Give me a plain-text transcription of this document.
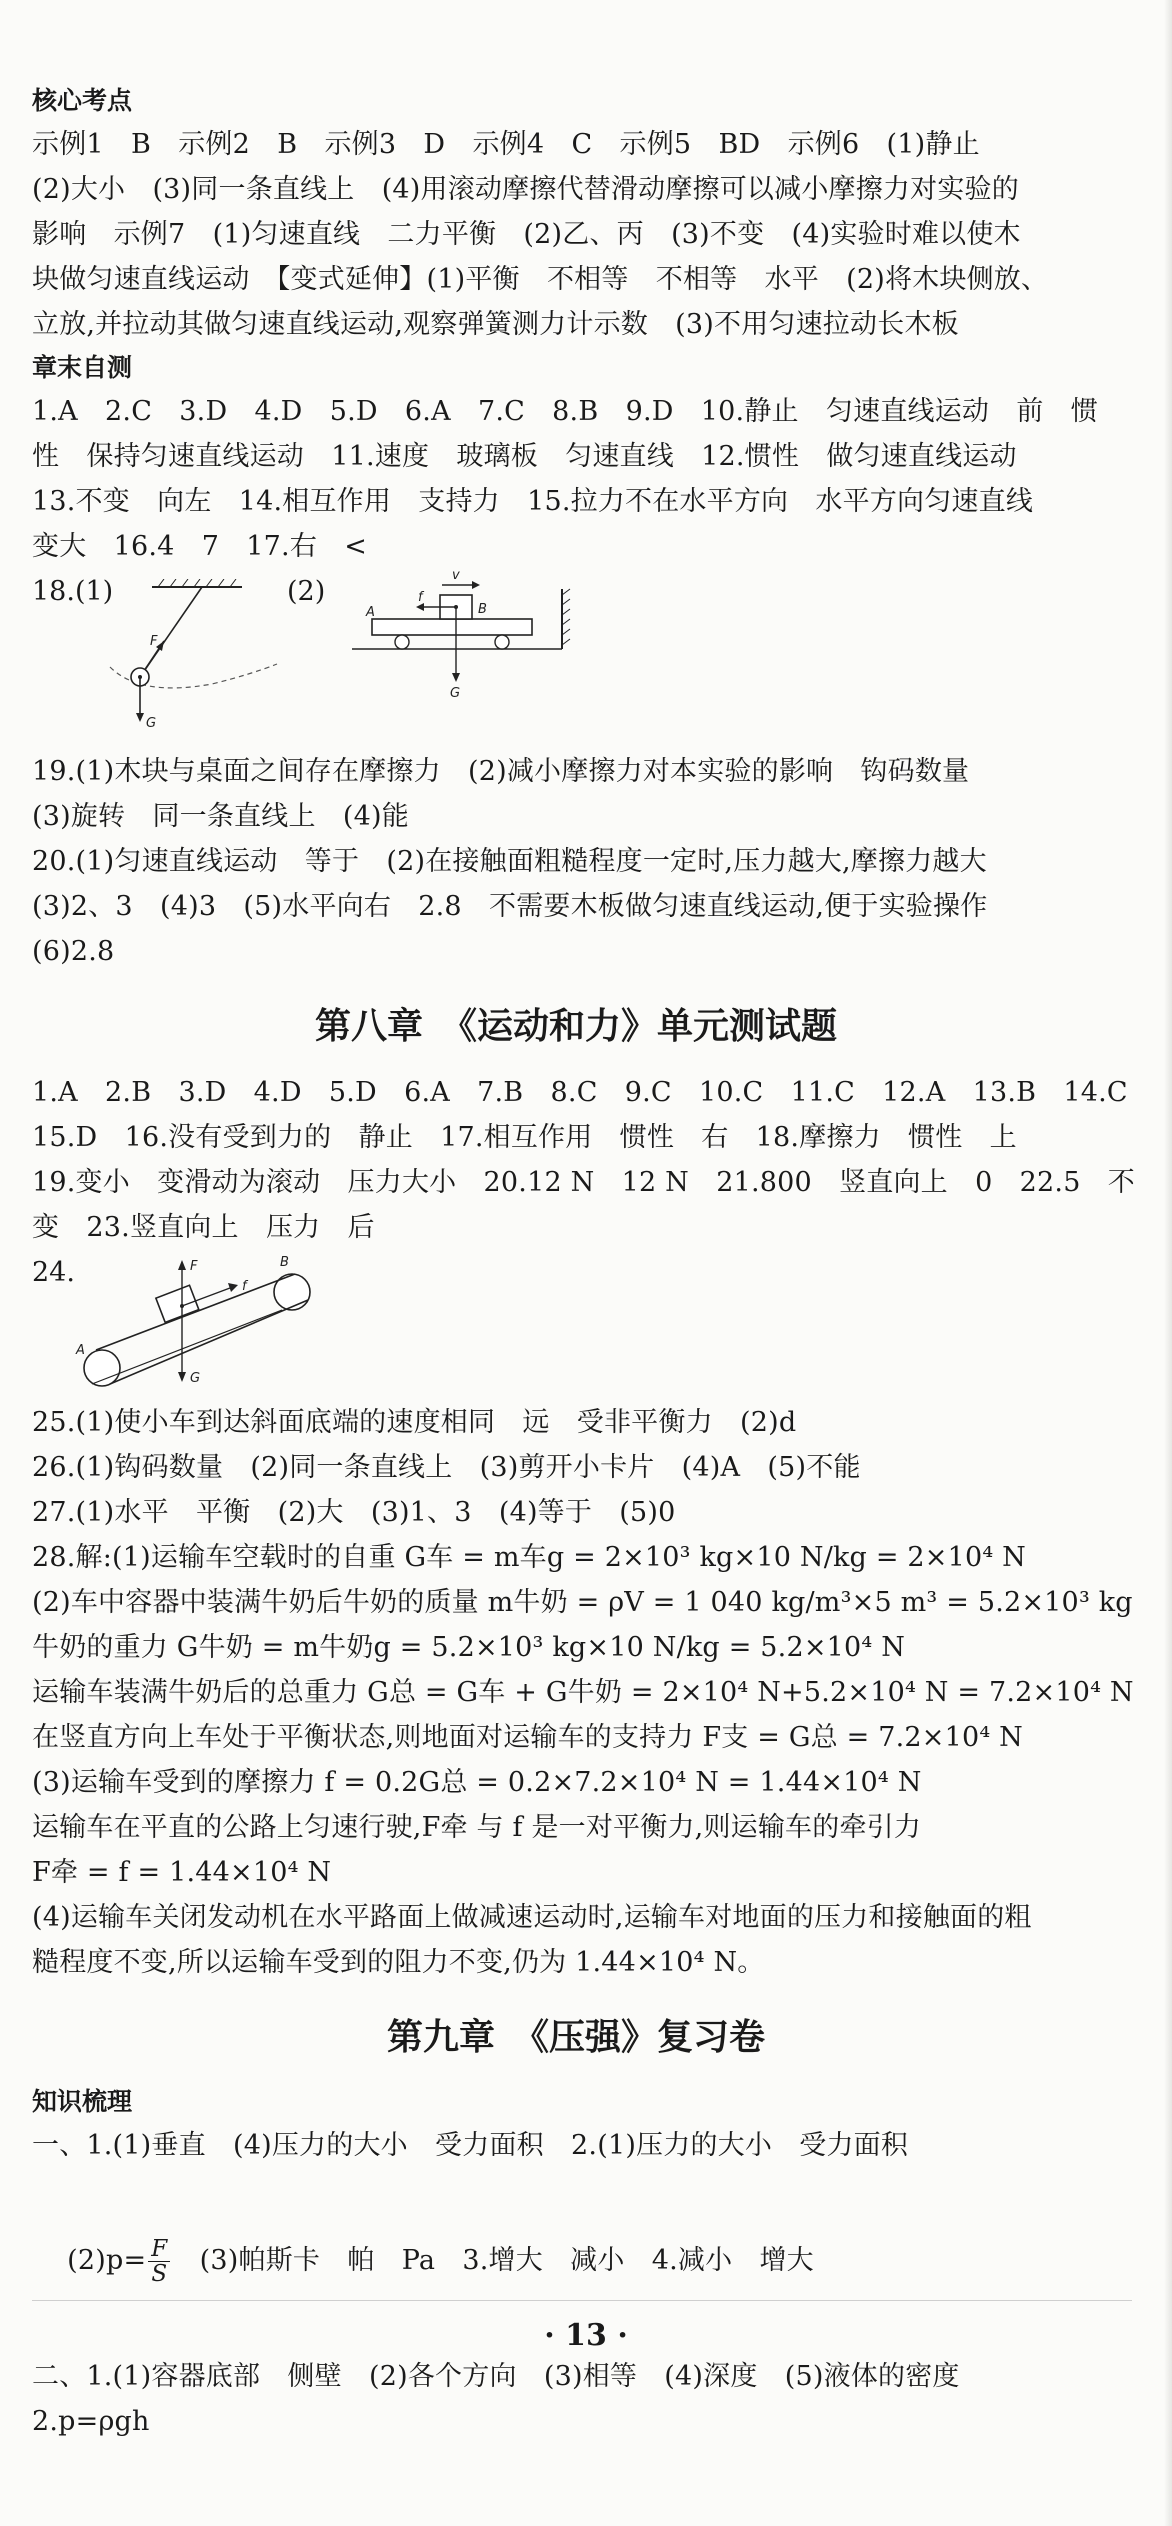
核心考点
示例1　B　示例2　B　示例3　D　示例4　C　示例5　BD　示例6　(1)静止
(2)大小　(3)同一条直线上　(4)用滚动摩擦代替滑动摩擦可以减小摩擦力对实验的
影响　示例7　(1)匀速直线　二力平衡　(2)乙、丙　(3)不变　(4)实验时难以使木
块做匀速直线运动　【变式延伸】(1)平衡　不相等　不相等　水平　(2)将木块侧放、
立放,并拉动其做匀速直线运动,观察弹簧测力计示数　(3)不用匀速拉动长木板
章末自测
1.A　2.C　3.D　4.D　5.D　6.A　7.C　8.B　9.D　10.静止　匀速直线运动　前　惯
性　保持匀速直线运动　11.速度　玻璃板　匀速直线　12.惯性　做匀速直线运动
13.不变　向左　14.相互作用　支持力　15.拉力不在水平方向　水平方向匀速直线
变大　16.4　7　17.右　<
18.(1)
F
G
(2)
A	B
v
f
G
19.(1)木块与桌面之间存在摩擦力　(2)减小摩擦力对本实验的影响　钩码数量
(3)旋转　同一条直线上　(4)能
20.(1)匀速直线运动　等于　(2)在接触面粗糙程度一定时,压力越大,摩擦力越大
(3)2、3　(4)3　(5)水平向右　2.8　不需要木板做匀速直线运动,便于实验操作
(6)2.8
第八章　《运动和力》单元测试题
1.A　2.B　3.D　4.D　5.D　6.A　7.B　8.C　9.C　10.C　11.C　12.A　13.B　14.C
15.D　16.没有受到力的　静止　17.相互作用　惯性　右　18.摩擦力　惯性　上
19.变小　变滑动为滚动　压力大小　20.12 N　12 N　21.800　竖直向上　0　22.5　不
变　23.竖直向上　压力　后
24.	B
A
F
f
G
25.(1)使小车到达斜面底端的速度相同　远　受非平衡力　(2)d
26.(1)钩码数量　(2)同一条直线上　(3)剪开小卡片　(4)A　(5)不能
27.(1)水平　平衡　(2)大　(3)1、3　(4)等于　(5)0
28.解:(1)运输车空载时的自重 G车 = m车g = 2×10³ kg×10 N/kg = 2×10⁴ N
(2)车中容器中装满牛奶后牛奶的质量 m牛奶 = ρV = 1 040 kg/m³×5 m³ = 5.2×10³ kg
牛奶的重力 G牛奶 = m牛奶g = 5.2×10³ kg×10 N/kg = 5.2×10⁴ N
运输车装满牛奶后的总重力 G总 = G车 + G牛奶 = 2×10⁴ N+5.2×10⁴ N = 7.2×10⁴ N
在竖直方向上车处于平衡状态,则地面对运输车的支持力 F支 = G总 = 7.2×10⁴ N
(3)运输车受到的摩擦力 f = 0.2G总 = 0.2×7.2×10⁴ N = 1.44×10⁴ N
运输车在平直的公路上匀速行驶,F牵 与 f 是一对平衡力,则运输车的牵引力
F牵 = f = 1.44×10⁴ N
(4)运输车关闭发动机在水平路面上做减速运动时,运输车对地面的压力和接触面的粗
糙程度不变,所以运输车受到的阻力不变,仍为 1.44×10⁴ N。
第九章　《压强》复习卷
知识梳理
一、1.(1)垂直　(4)压力的大小　受力面积　2.(1)压力的大小　受力面积

$(2)p= \frac{F}{S}$ 　(3)帕斯卡　帕　Pa　3.增大　减小　4.减小　增大

二、1.(1)容器底部　侧壁　(2)各个方向　(3)相等　(4)深度　(5)液体的密度
2.p=ρgh
· 13 ·
